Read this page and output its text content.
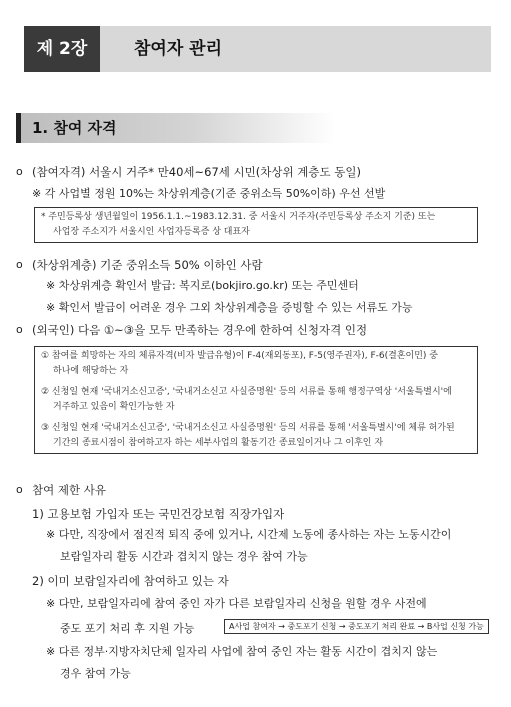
제 2장	참여자 관리
1. 참여 자격
o (참여자격) 서울시 거주* 만40세~67세 시민(차상위 계층도 동일)
※ 각 사업별 정원 10%는 차상위계층(기준 중위소득 50%이하) 우선 선발
* 주민등록상 생년월일이 1956.1.1.~1983.12.31. 중 서울시 거주자(주민등록상 주소지 기준) 또는
사업장 주소지가 서울시인 사업자등록증 상 대표자
o (차상위계층) 기준 중위소득 50% 이하인 사람
※ 차상위계층 확인서 발급: 복지로(bokjiro.go.kr) 또는 주민센터
※ 확인서 발급이 어려운 경우 그외 차상위계층을 증빙할 수 있는 서류도 가능
o (외국인) 다음 ①~③을 모두 만족하는 경우에 한하여 신청자격 인정
① 참여를 희망하는 자의 체류자격(비자 발급유형)이 F-4(재외동포), F-5(영주권자), F-6(결혼이민) 중
하나에 해당하는 자
② 신청일 현재 '국내거소신고증', '국내거소신고 사실증명원' 등의 서류를 통해 행정구역상 '서울특별시'에
거주하고 있음이 확인가능한 자
③ 신청일 현재 '국내거소신고증', '국내거소신고 사실증명원' 등의 서류를 통해 '서울특별시'에 체류 허가된
기간의 종료시점이 참여하고자 하는 세부사업의 활동기간 종료일이거나 그 이후인 자
o 참여 제한 사유
1) 고용보험 가입자 또는 국민건강보험 직장가입자
※ 다만, 직장에서 점진적 퇴직 중에 있거나, 시간제 노동에 종사하는 자는 노동시간이
보람일자리 활동 시간과 겹치지 않는 경우 참여 가능
2) 이미 보람일자리에 참여하고 있는 자
※ 다만, 보람일자리에 참여 중인 자가 다른 보람일자리 신청을 원할 경우 사전에
중도 포기 처리 후 지원 가능	A사업 참여자 → 중도포기 신청 → 중도포기 처리 완료 → B사업 신청 가능
※ 다른 정부·지방자치단체 일자리 사업에 참여 중인 자는 활동 시간이 겹치지 않는
경우 참여 가능
